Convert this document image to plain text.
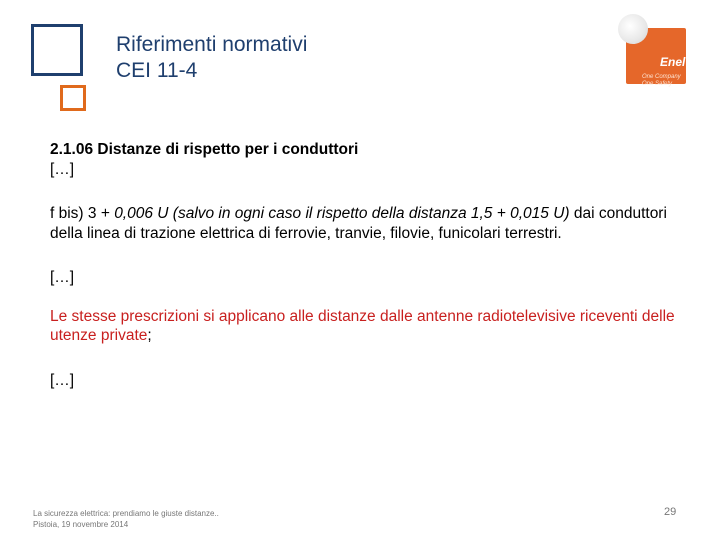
Riferimenti normativi
CEI 11-4	Enel
One Company
One Safety

2.1.06 Distanze di rispetto per i conduttori

[…]

f bis) 3 + 0,006 U (salvo in ogni caso il rispetto della distanza 1,5 + 0,015 U) dai conduttori della linea di trazione elettrica di ferrovie, tranvie, filovie, funicolari terrestri.

[…]

Le stesse prescrizioni si applicano alle distanze dalle antenne radiotelevisive riceventi delle utenze private;

[…]

La sicurezza elettrica: prendiamo le giuste distanze..
Pistoia, 19 novembre 2014
29
